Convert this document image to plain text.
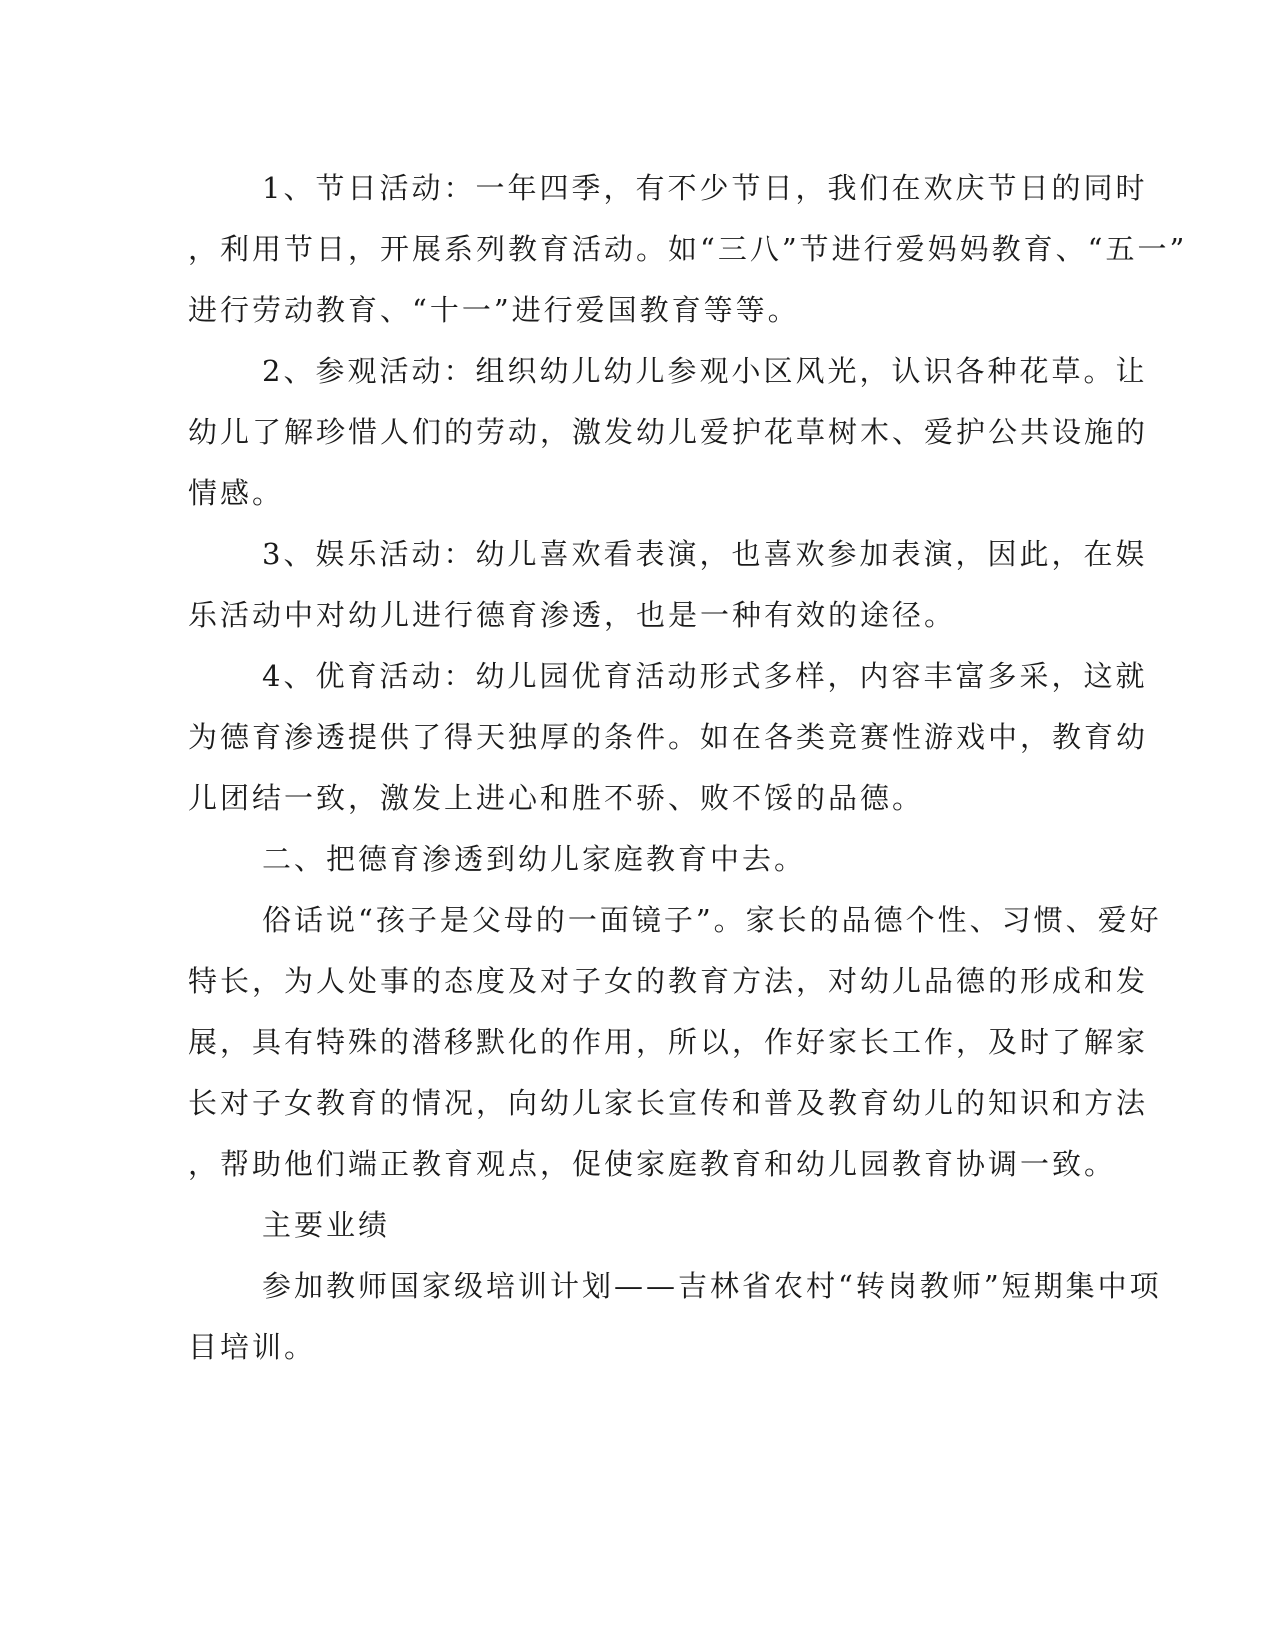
1、节日活动：一年四季，有不少节日，我们在欢庆节日的同时
，利用节日，开展系列教育活动。如“三八”节进行爱妈妈教育、“五一”
进行劳动教育、“十一”进行爱国教育等等。

2、参观活动：组织幼儿幼儿参观小区风光，认识各种花草。让
幼儿了解珍惜人们的劳动，激发幼儿爱护花草树木、爱护公共设施的
情感。

3、娱乐活动：幼儿喜欢看表演，也喜欢参加表演，因此，在娱
乐活动中对幼儿进行德育渗透，也是一种有效的途径。

4、优育活动：幼儿园优育活动形式多样，内容丰富多采，这就
为德育渗透提供了得天独厚的条件。如在各类竞赛性游戏中，教育幼
儿团结一致，激发上进心和胜不骄、败不馁的品德。

二、把德育渗透到幼儿家庭教育中去。

俗话说“孩子是父母的一面镜子”。家长的品德个性、习惯、爱好
特长，为人处事的态度及对子女的教育方法，对幼儿品德的形成和发
展，具有特殊的潜移默化的作用，所以，作好家长工作，及时了解家
长对子女教育的情况，向幼儿家长宣传和普及教育幼儿的知识和方法
，帮助他们端正教育观点，促使家庭教育和幼儿园教育协调一致。

主要业绩

参加教师国家级培训计划——吉林省农村“转岗教师”短期集中项
目培训。
